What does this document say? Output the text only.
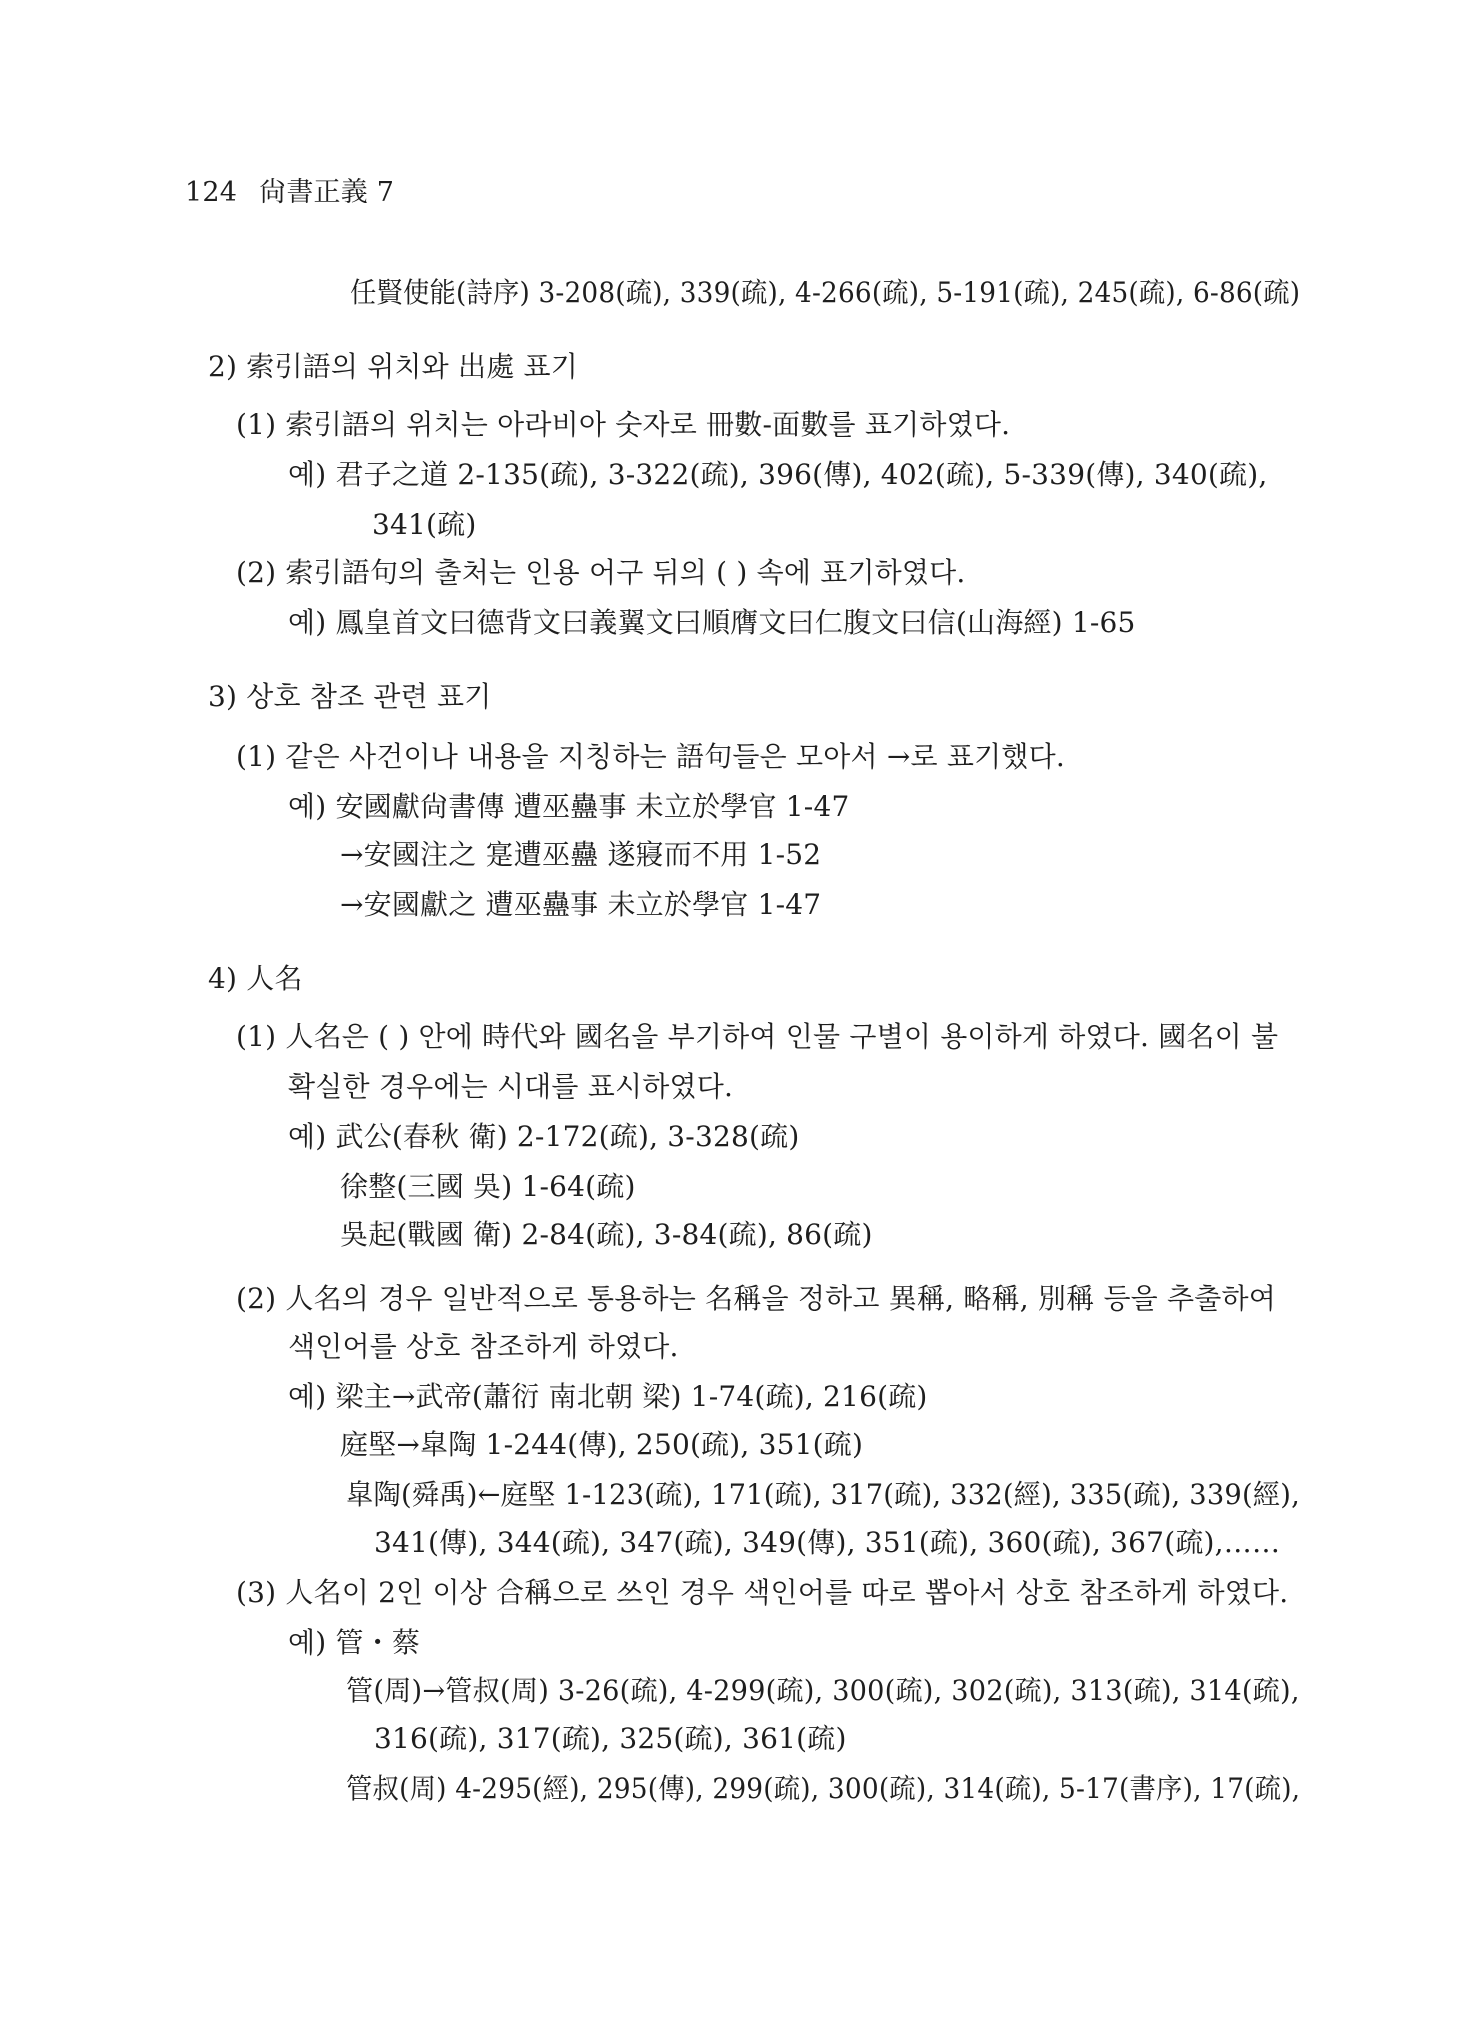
124 尙書正義 7
任賢使能(詩序) 3-208(疏), 339(疏), 4-266(疏), 5-191(疏), 245(疏), 6-86(疏)
2) 索引語의 위치와 出處 표기
(1) 索引語의 위치는 아라비아 숫자로 冊數-面數를 표기하였다.
예) 君子之道 2-135(疏), 3-322(疏), 396(傳), 402(疏), 5-339(傳), 340(疏),
341(疏)
(2) 索引語句의 출처는 인용 어구 뒤의 ( ) 속에 표기하였다.
예) 鳳皇首文曰德背文曰義翼文曰順膺文曰仁腹文曰信(山海經) 1-65
3) 상호 참조 관련 표기
(1) 같은 사건이나 내용을 지칭하는 語句들은 모아서 →로 표기했다.
예) 安國獻尙書傳 遭巫蠱事 未立於學官 1-47
→安國注之 寔遭巫蠱 遂寢而不用 1-52
→安國獻之 遭巫蠱事 未立於學官 1-47
4) 人名
(1) 人名은 ( ) 안에 時代와 國名을 부기하여 인물 구별이 용이하게 하였다. 國名이 불
확실한 경우에는 시대를 표시하였다.
예) 武公(春秋 衛) 2-172(疏), 3-328(疏)
徐整(三國 吳) 1-64(疏)
吳起(戰國 衛) 2-84(疏), 3-84(疏), 86(疏)
(2) 人名의 경우 일반적으로 통용하는 名稱을 정하고 異稱, 略稱, 別稱 등을 추출하여
색인어를 상호 참조하게 하였다.
예) 梁主→武帝(蕭衍 南北朝 梁) 1-74(疏), 216(疏)
庭堅→皐陶 1-244(傳), 250(疏), 351(疏)
皐陶(舜禹)←庭堅 1-123(疏), 171(疏), 317(疏), 332(經), 335(疏), 339(經),
341(傳), 344(疏), 347(疏), 349(傳), 351(疏), 360(疏), 367(疏),……
(3) 人名이 2인 이상 合稱으로 쓰인 경우 색인어를 따로 뽑아서 상호 참조하게 하였다.
예) 管・蔡
管(周)→管叔(周) 3-26(疏), 4-299(疏), 300(疏), 302(疏), 313(疏), 314(疏),
316(疏), 317(疏), 325(疏), 361(疏)
管叔(周) 4-295(經), 295(傳), 299(疏), 300(疏), 314(疏), 5-17(書序), 17(疏),
